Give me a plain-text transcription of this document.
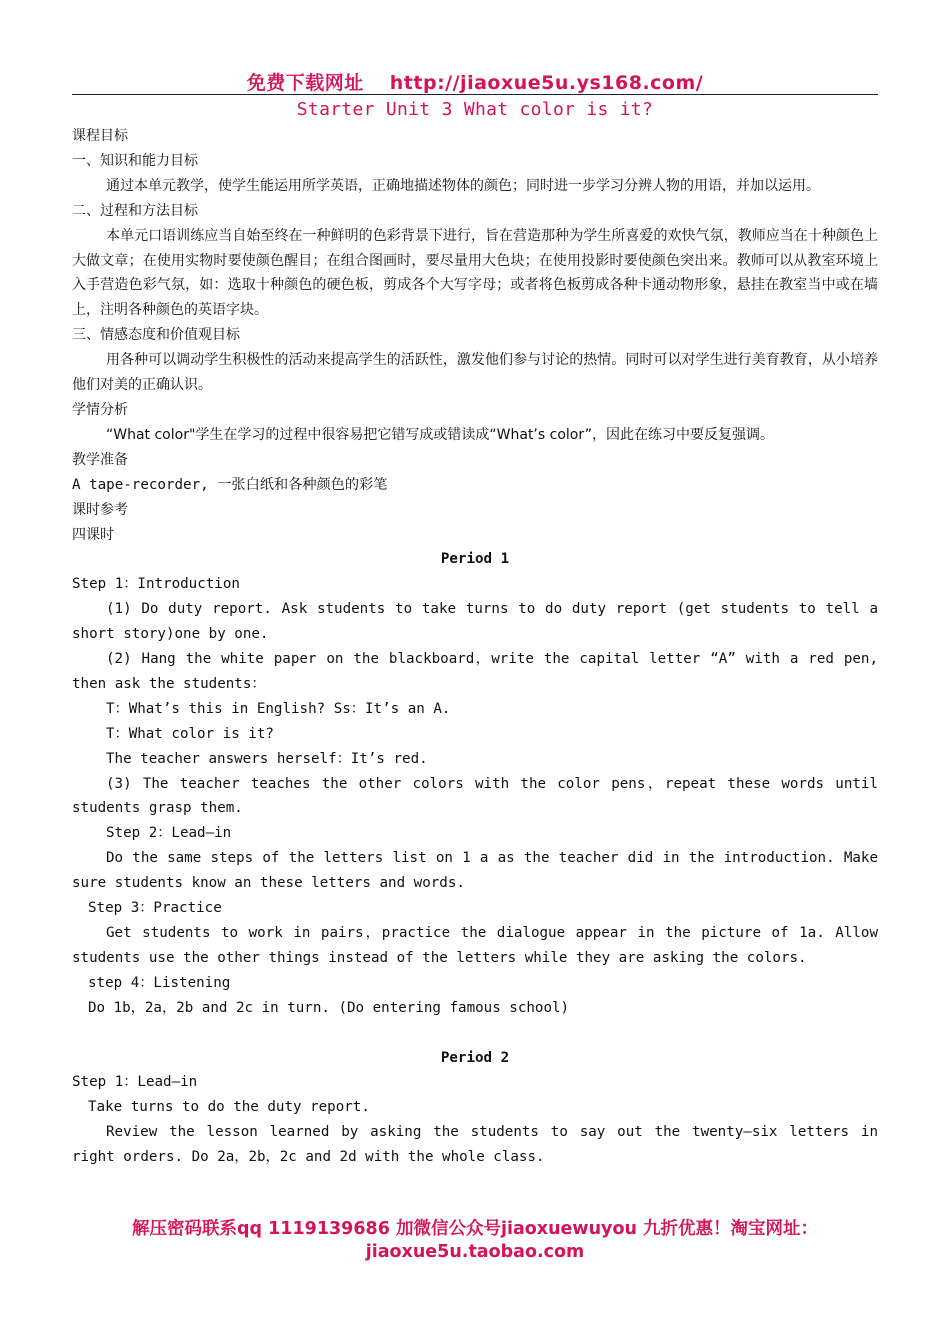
免费下载网址 http://jiaoxue5u.ys168.com/
Starter Unit 3 What color is it?

课程目标

一、知识和能力目标

通过本单元教学，使学生能运用所学英语，正确地描述物体的颜色；同时进一步学习分辨人物的用语，并加以运用。

二、过程和方法目标

本单元口语训练应当自始至终在一种鲜明的色彩背景下进行，旨在营造那种为学生所喜爱的欢快气氛，教师应当在十种颜色上大做文章；在使用实物时要使颜色醒目；在组合图画时，要尽量用大色块；在使用投影时要使颜色突出来。教师可以从教室环境上入手营造色彩气氛，如：选取十种颜色的硬色板，剪成各个大写字母；或者将色板剪成各种卡通动物形象，悬挂在教室当中或在墙上，注明各种颜色的英语字块。

三、情感态度和价值观目标

用各种可以调动学生积极性的活动来提高学生的活跃性，激发他们参与讨论的热情。同时可以对学生进行美育教育，从小培养他们对美的正确认识。

学情分析

“What color"学生在学习的过程中很容易把它错写成或错读成“What’s color”，因此在练习中要反复强调。

教学准备

A tape-recorder, 一张白纸和各种颜色的彩笔

课时参考

四课时

Period 1

Step 1：Introduction

(1) Do duty report. Ask students to take turns to do duty report (get students to tell a short story)one by one.

(2) Hang the white paper on the blackboard，write the capital letter “A” with a red pen, then ask the students：

T：What’s this in English? Ss：It’s an A.

T：What color is it?

The teacher answers herself：It’s red.

(3) The teacher teaches the other colors with the color pens，repeat these words until students grasp them.

Step 2：Lead—in

Do the same steps of the letters list on 1 a as the teacher did in the introduction. Make sure students know an these letters and words.

Step 3：Practice

Get students to work in pairs，practice the dialogue appear in the picture of 1a. Allow students use the other things instead of the letters while they are asking the colors.

step 4：Listening

Do 1b，2a，2b and 2c in turn. (Do entering famous school)

Period 2

Step 1：Lead—in

Take turns to do the duty report.

Review the lesson learned by asking the students to say out the twenty—six letters in right orders. Do 2a，2b，2c and 2d with the whole class.

解压密码联系qq 1119139686 加微信公众号jiaoxuewuyou 九折优惠！淘宝网址：
jiaoxue5u.taobao.com
